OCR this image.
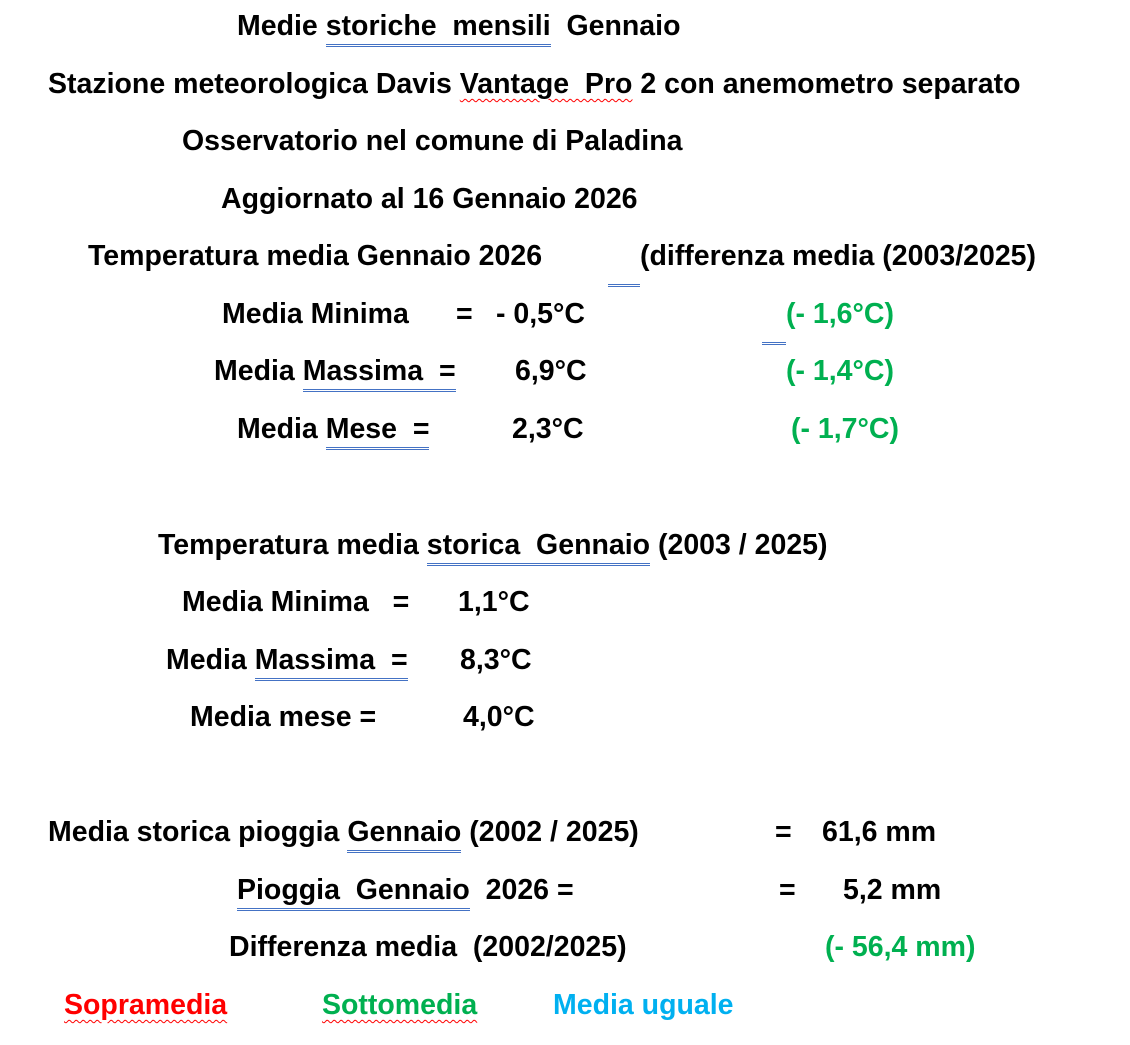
Medie storiche  mensili Gennaio
Stazione meteorologica Davis Vantage  Pro 2 con anemometro separato
Osservatorio nel comune di Paladina
Aggiornato al 16 Gennaio 2026
Temperatura media Gennaio 2026	(differenza media (2003/2025)
Media Minima = - 0,5°C	(- 1,6°C)
Media Massima  = 6,9°C	(- 1,4°C)
Media Mese  =	2,3°C	(- 1,7°C)
Temperatura media storica  Gennaio (2003 / 2025)
Media Minima   = 1,1°C
Media Massima  = 8,3°C
Media mese =	4,0°C
Media storica pioggia Gennaio (2002 / 2025)	= 61,6 mm
Pioggia  Gennaio 2026 =	= 5,2 mm
Differenza media  (2002/2025)	(- 56,4 mm)
Sopramedia	Sottomedia	Media uguale
